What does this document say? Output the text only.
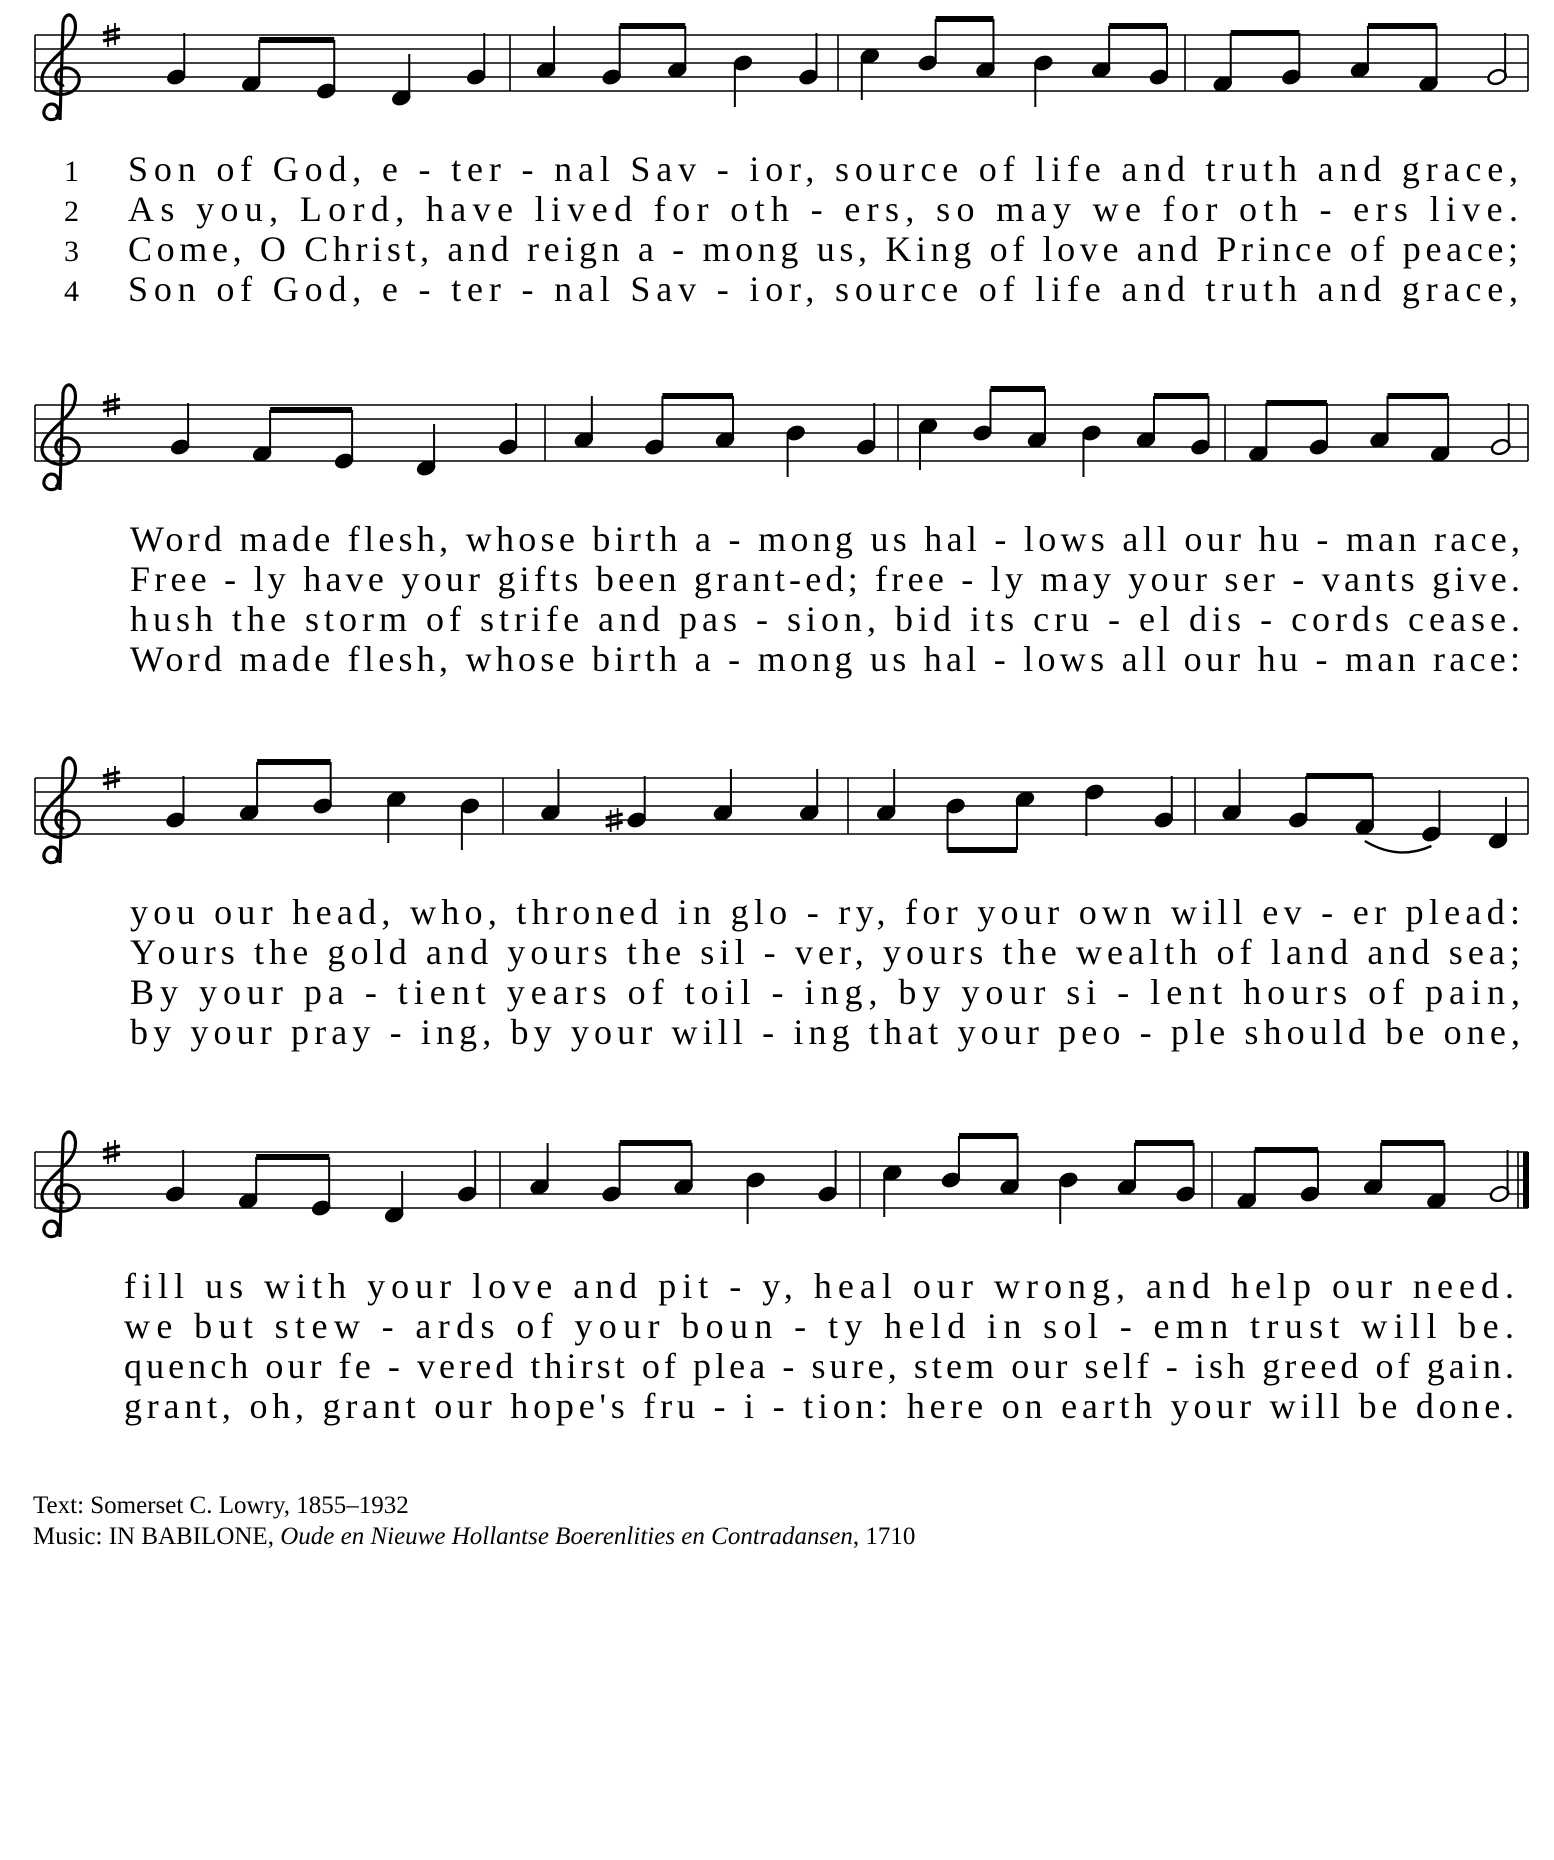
1 Son of God, e - ter - nal Sav - ior, source of life and truth and grace,
2 As you, Lord, have lived for oth - ers, so may we for oth - ers live.
3 Come, O Christ, and reign a - mong us, King of love and Prince of peace;
4 Son of God, e - ter - nal Sav - ior, source of life and truth and grace,
Word made flesh, whose birth a - mong us hal - lows all our hu - man race,
Free - ly have your gifts been grant-ed; free - ly may your ser - vants give.
hush the storm of strife and pas - sion, bid its cru - el dis - cords cease.
Word made flesh, whose birth a - mong us hal - lows all our hu - man race:
you our head, who, throned in glo - ry, for your own will ev - er plead:
Yours the gold and yours the sil - ver, yours the wealth of land and sea;
By your pa - tient years of toil - ing, by your si - lent hours of pain,
by your pray - ing, by your will - ing that your peo - ple should be one,
fill us with your love and pit - y, heal our wrong, and help our need.
we but stew - ards of your boun - ty held in sol - emn trust will be.
quench our fe - vered thirst of plea - sure, stem our self - ish greed of gain.
grant, oh, grant our hope's fru - i - tion: here on earth your will be done.
Text: Somerset C. Lowry, 1855–1932
Music: IN BABILONE, Oude en Nieuwe Hollantse Boerenlities en Contradansen, 1710
